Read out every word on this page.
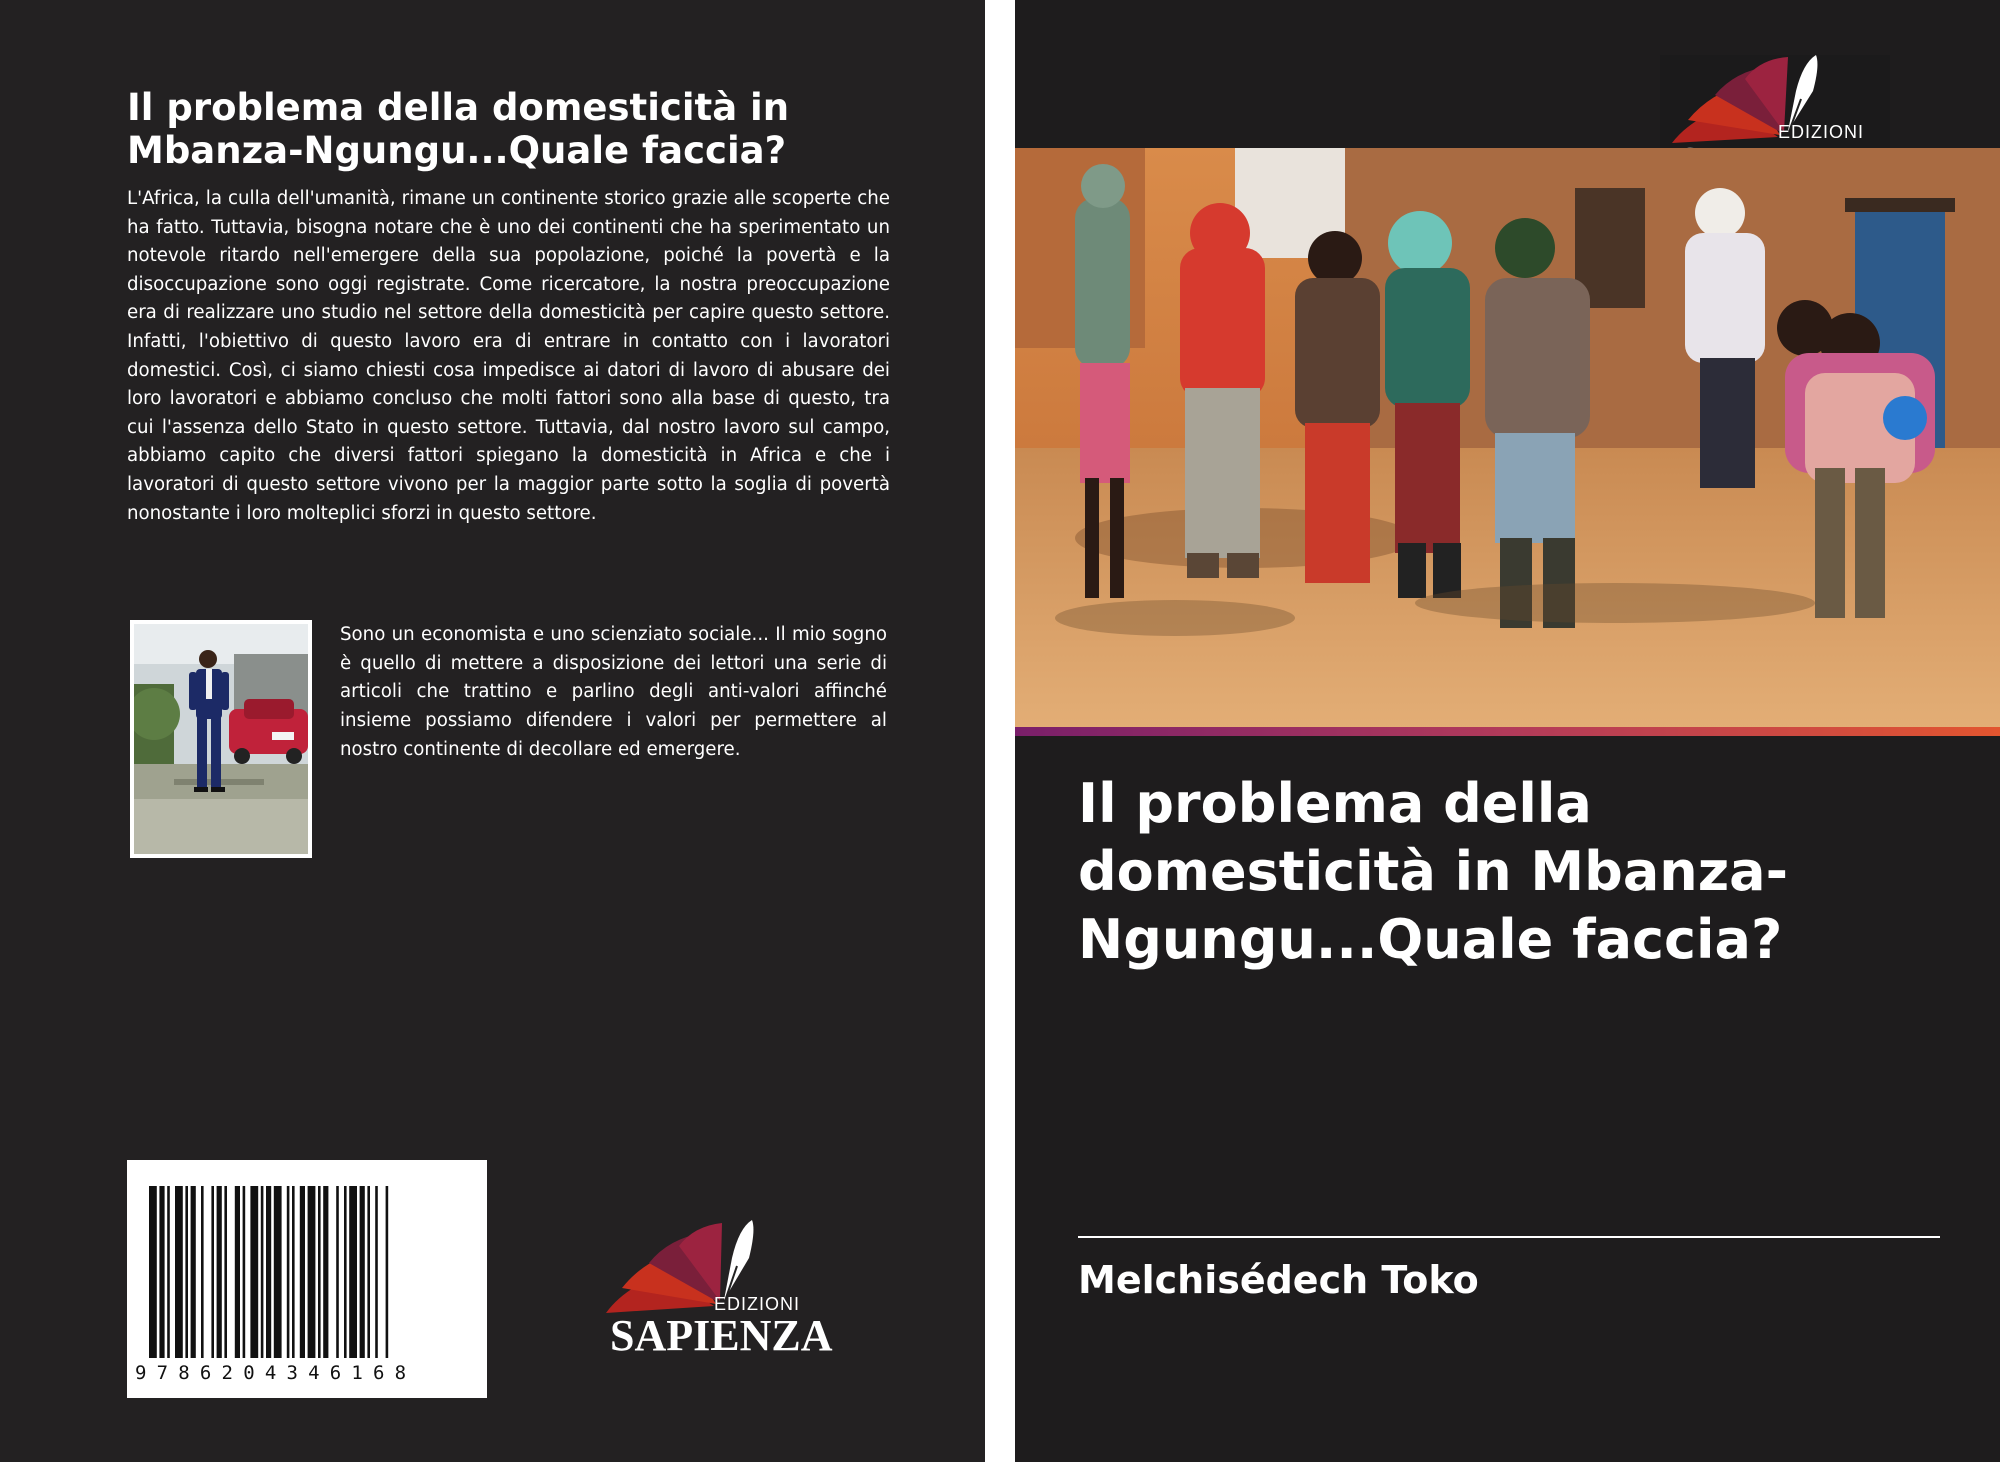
Il problema della domesticità in Mbanza-Ngungu...Quale faccia?
L'Africa, la culla dell'umanità, rimane un continente storico grazie alle scoperte che ha fatto. Tuttavia, bisogna notare che è uno dei continenti che ha sperimentato un notevole ritardo nell'emergere della sua popolazione, poiché la povertà e la disoccupazione sono oggi registrate. Come ricercatore, la nostra preoccupazione era di realizzare uno studio nel settore della domesticità per capire questo settore. Infatti, l'obiettivo di questo lavoro era di entrare in contatto con i lavoratori domestici. Così, ci siamo chiesti cosa impedisce ai datori di lavoro di abusare dei loro lavoratori e abbiamo concluso che molti fattori sono alla base di questo, tra cui l'assenza dello Stato in questo settore. Tuttavia, dal nostro lavoro sul campo, abbiamo capito che diversi fattori spiegano la domesticità in Africa e che i lavoratori di questo settore vivono per la maggior parte sotto la soglia di povertà nonostante i loro molteplici sforzi in questo settore.
Sono un economista e uno scienziato sociale... Il mio sogno è quello di mettere a disposizione dei lettori una serie di articoli che trattino e parlino degli anti-valori affinché insieme possiamo difendere i valori per permettere al nostro continente di decollare ed emergere.
9786204346168
EDIZIONI
SAPIENZA
EDIZIONI
Il problema della domesticità in Mbanza-Ngungu...Quale faccia?
Melchisédech Toko
